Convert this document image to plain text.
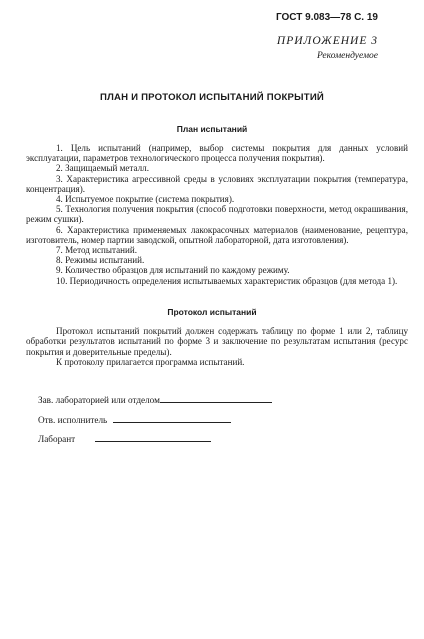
ГОСТ 9.083—78 С. 19
ПРИЛОЖЕНИЕ 3
Рекомендуемое
ПЛАН И ПРОТОКОЛ ИСПЫТАНИЙ ПОКРЫТИЙ
План испытаний

1. Цель испытаний (например, выбор системы покрытия для данных условий эксплуатации, параметров технологического процесса получения покрытия).

2. Защищаемый металл.

3. Характеристика агрессивной среды в условиях эксплуатации покрытия (температура, концентрация).

4. Испытуемое покрытие (система покрытия).

5. Технология получения покрытия (способ подготовки поверхности, метод окрашивания, режим сушки).

6. Характеристика применяемых лакокрасочных материалов (наименование, рецептура, изготовитель, номер партии заводской, опытной лабораторной, дата изготовления).

7. Метод испытаний.

8. Режимы испытаний.

9. Количество образцов для испытаний по каждому режиму.

10. Периодичность определения испытываемых характеристик образцов (для метода 1).

Протокол испытаний

Протокол испытаний покрытий должен содержать таблицу по форме 1 или 2, таблицу обработки результатов испытаний по форме 3 и заключение по результатам испытания (ресурс покрытия и доверительные пределы).

К протоколу прилагается программа испытаний.

Зав. лабораторией или отделом
Отв. исполнитель
Лаборант
